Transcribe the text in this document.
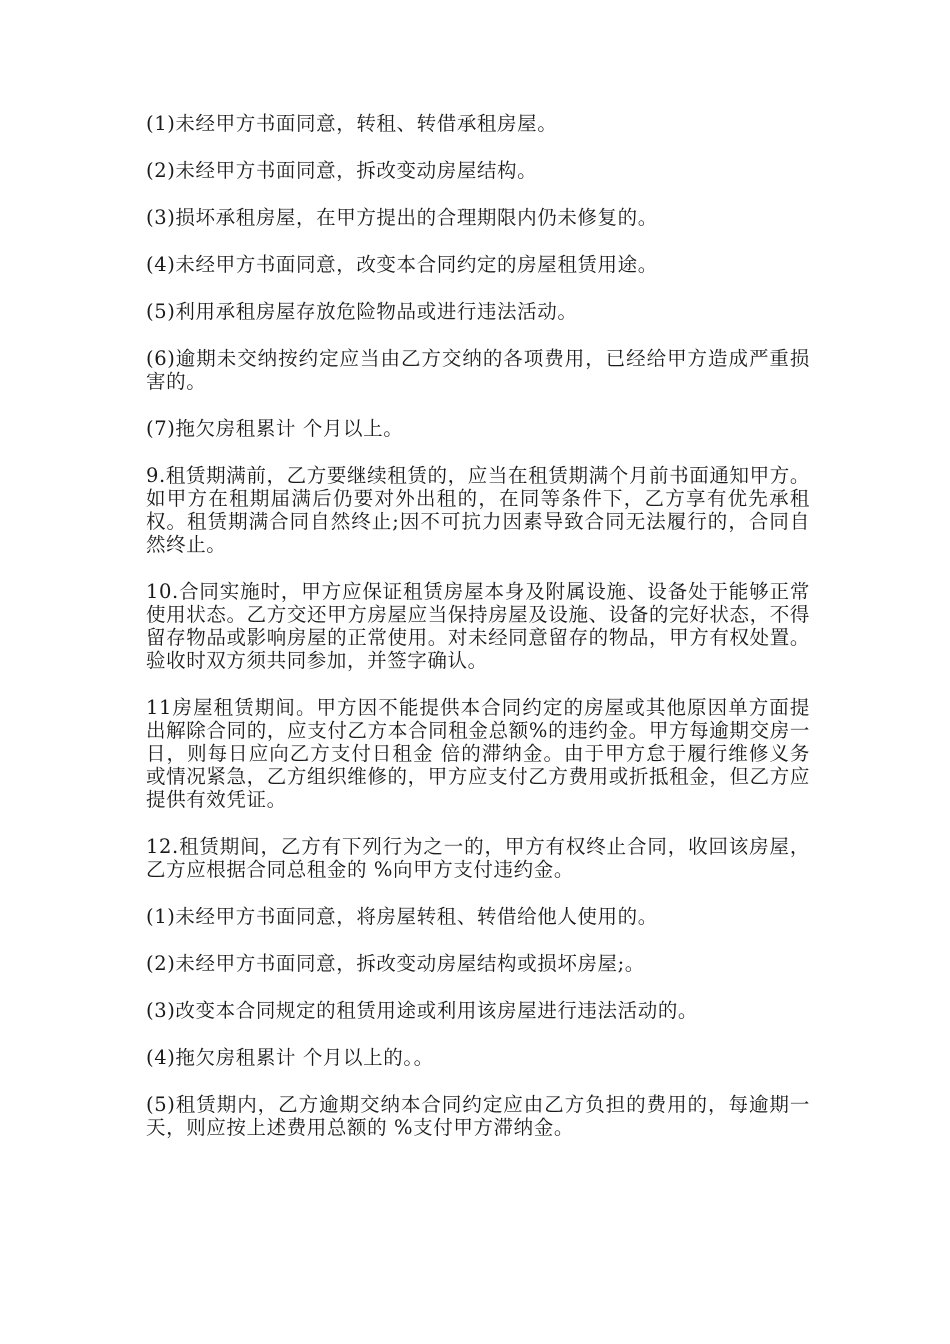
(1)未经甲方书面同意，转租、转借承租房屋。

(2)未经甲方书面同意，拆改变动房屋结构。

(3)损坏承租房屋，在甲方提出的合理期限内仍未修复的。

(4)未经甲方书面同意，改变本合同约定的房屋租赁用途。

(5)利用承租房屋存放危险物品或进行违法活动。

(6)逾期未交纳按约定应当由乙方交纳的各项费用，已经给甲方造成严重损害的。

(7)拖欠房租累计 个月以上。

9.租赁期满前，乙方要继续租赁的，应当在租赁期满个月前书面通知甲方。如甲方在租期届满后仍要对外出租的，在同等条件下，乙方享有优先承租权。租赁期满合同自然终止;因不可抗力因素导致合同无法履行的，合同自然终止。

10.合同实施时，甲方应保证租赁房屋本身及附属设施、设备处于能够正常使用状态。乙方交还甲方房屋应当保持房屋及设施、设备的完好状态，不得留存物品或影响房屋的正常使用。对未经同意留存的物品，甲方有权处置。验收时双方须共同参加，并签字确认。

11房屋租赁期间。甲方因不能提供本合同约定的房屋或其他原因单方面提出解除合同的，应支付乙方本合同租金总额%的违约金。甲方每逾期交房一日，则每日应向乙方支付日租金 倍的滞纳金。由于甲方怠于履行维修义务或情况紧急，乙方组织维修的，甲方应支付乙方费用或折抵租金，但乙方应提供有效凭证。

12.租赁期间，乙方有下列行为之一的，甲方有权终止合同，收回该房屋，乙方应根据合同总租金的 %向甲方支付违约金。

(1)未经甲方书面同意，将房屋转租、转借给他人使用的。

(2)未经甲方书面同意，拆改变动房屋结构或损坏房屋;。

(3)改变本合同规定的租赁用途或利用该房屋进行违法活动的。

(4)拖欠房租累计 个月以上的。。

(5)租赁期内，乙方逾期交纳本合同约定应由乙方负担的费用的，每逾期一天，则应按上述费用总额的 %支付甲方滞纳金。
